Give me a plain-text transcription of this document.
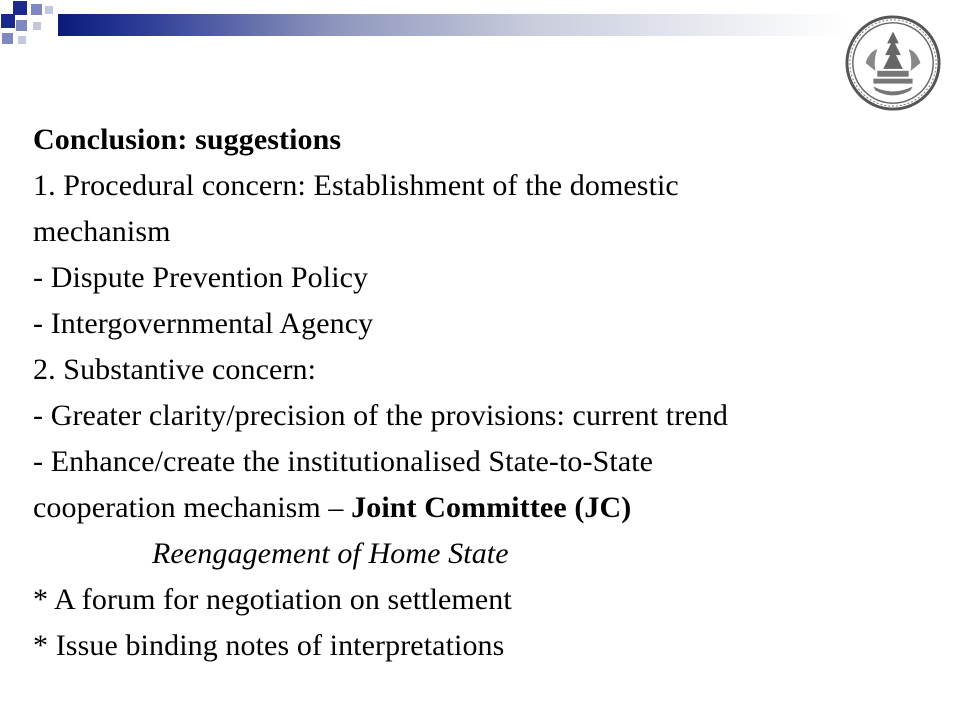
Conclusion: suggestions
1. Procedural concern: Establishment of the domestic
mechanism
- Dispute Prevention Policy
- Intergovernmental Agency
2. Substantive concern:
- Greater clarity/precision of the provisions: current trend
- Enhance/create the institutionalised State-to-State
cooperation mechanism – Joint Committee (JC)
Reengagement of Home State
* A forum for negotiation on settlement
* Issue binding notes of interpretations
